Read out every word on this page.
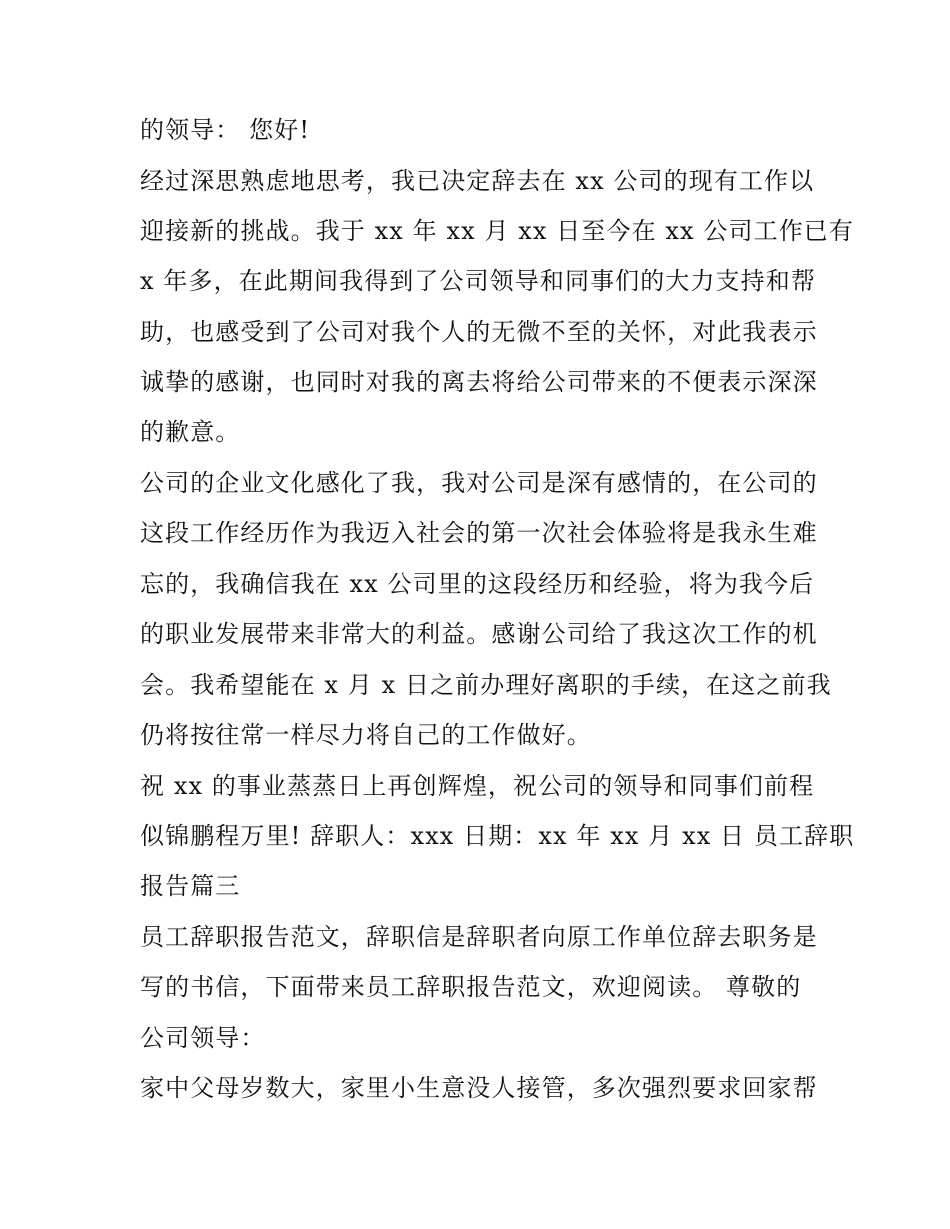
的领导： 您好!
经过深思熟虑地思考，我已决定辞去在 xx 公司的现有工作以
迎接新的挑战。我于 xx 年 xx 月 xx 日至今在 xx 公司工作已有
x 年多，在此期间我得到了公司领导和同事们的大力支持和帮
助，也感受到了公司对我个人的无微不至的关怀，对此我表示
诚挚的感谢，也同时对我的离去将给公司带来的不便表示深深
的歉意。
公司的企业文化感化了我，我对公司是深有感情的，在公司的
这段工作经历作为我迈入社会的第一次社会体验将是我永生难
忘的，我确信我在 xx 公司里的这段经历和经验，将为我今后
的职业发展带来非常大的利益。感谢公司给了我这次工作的机
会。我希望能在 x 月 x 日之前办理好离职的手续，在这之前我
仍将按往常一样尽力将自己的工作做好。
祝 xx 的事业蒸蒸日上再创辉煌，祝公司的领导和同事们前程
似锦鹏程万里! 辞职人：xxx 日期：xx 年 xx 月 xx 日 员工辞职
报告篇三
员工辞职报告范文，辞职信是辞职者向原工作单位辞去职务是
写的书信，下面带来员工辞职报告范文，欢迎阅读。 尊敬的
公司领导：
家中父母岁数大，家里小生意没人接管，多次强烈要求回家帮
